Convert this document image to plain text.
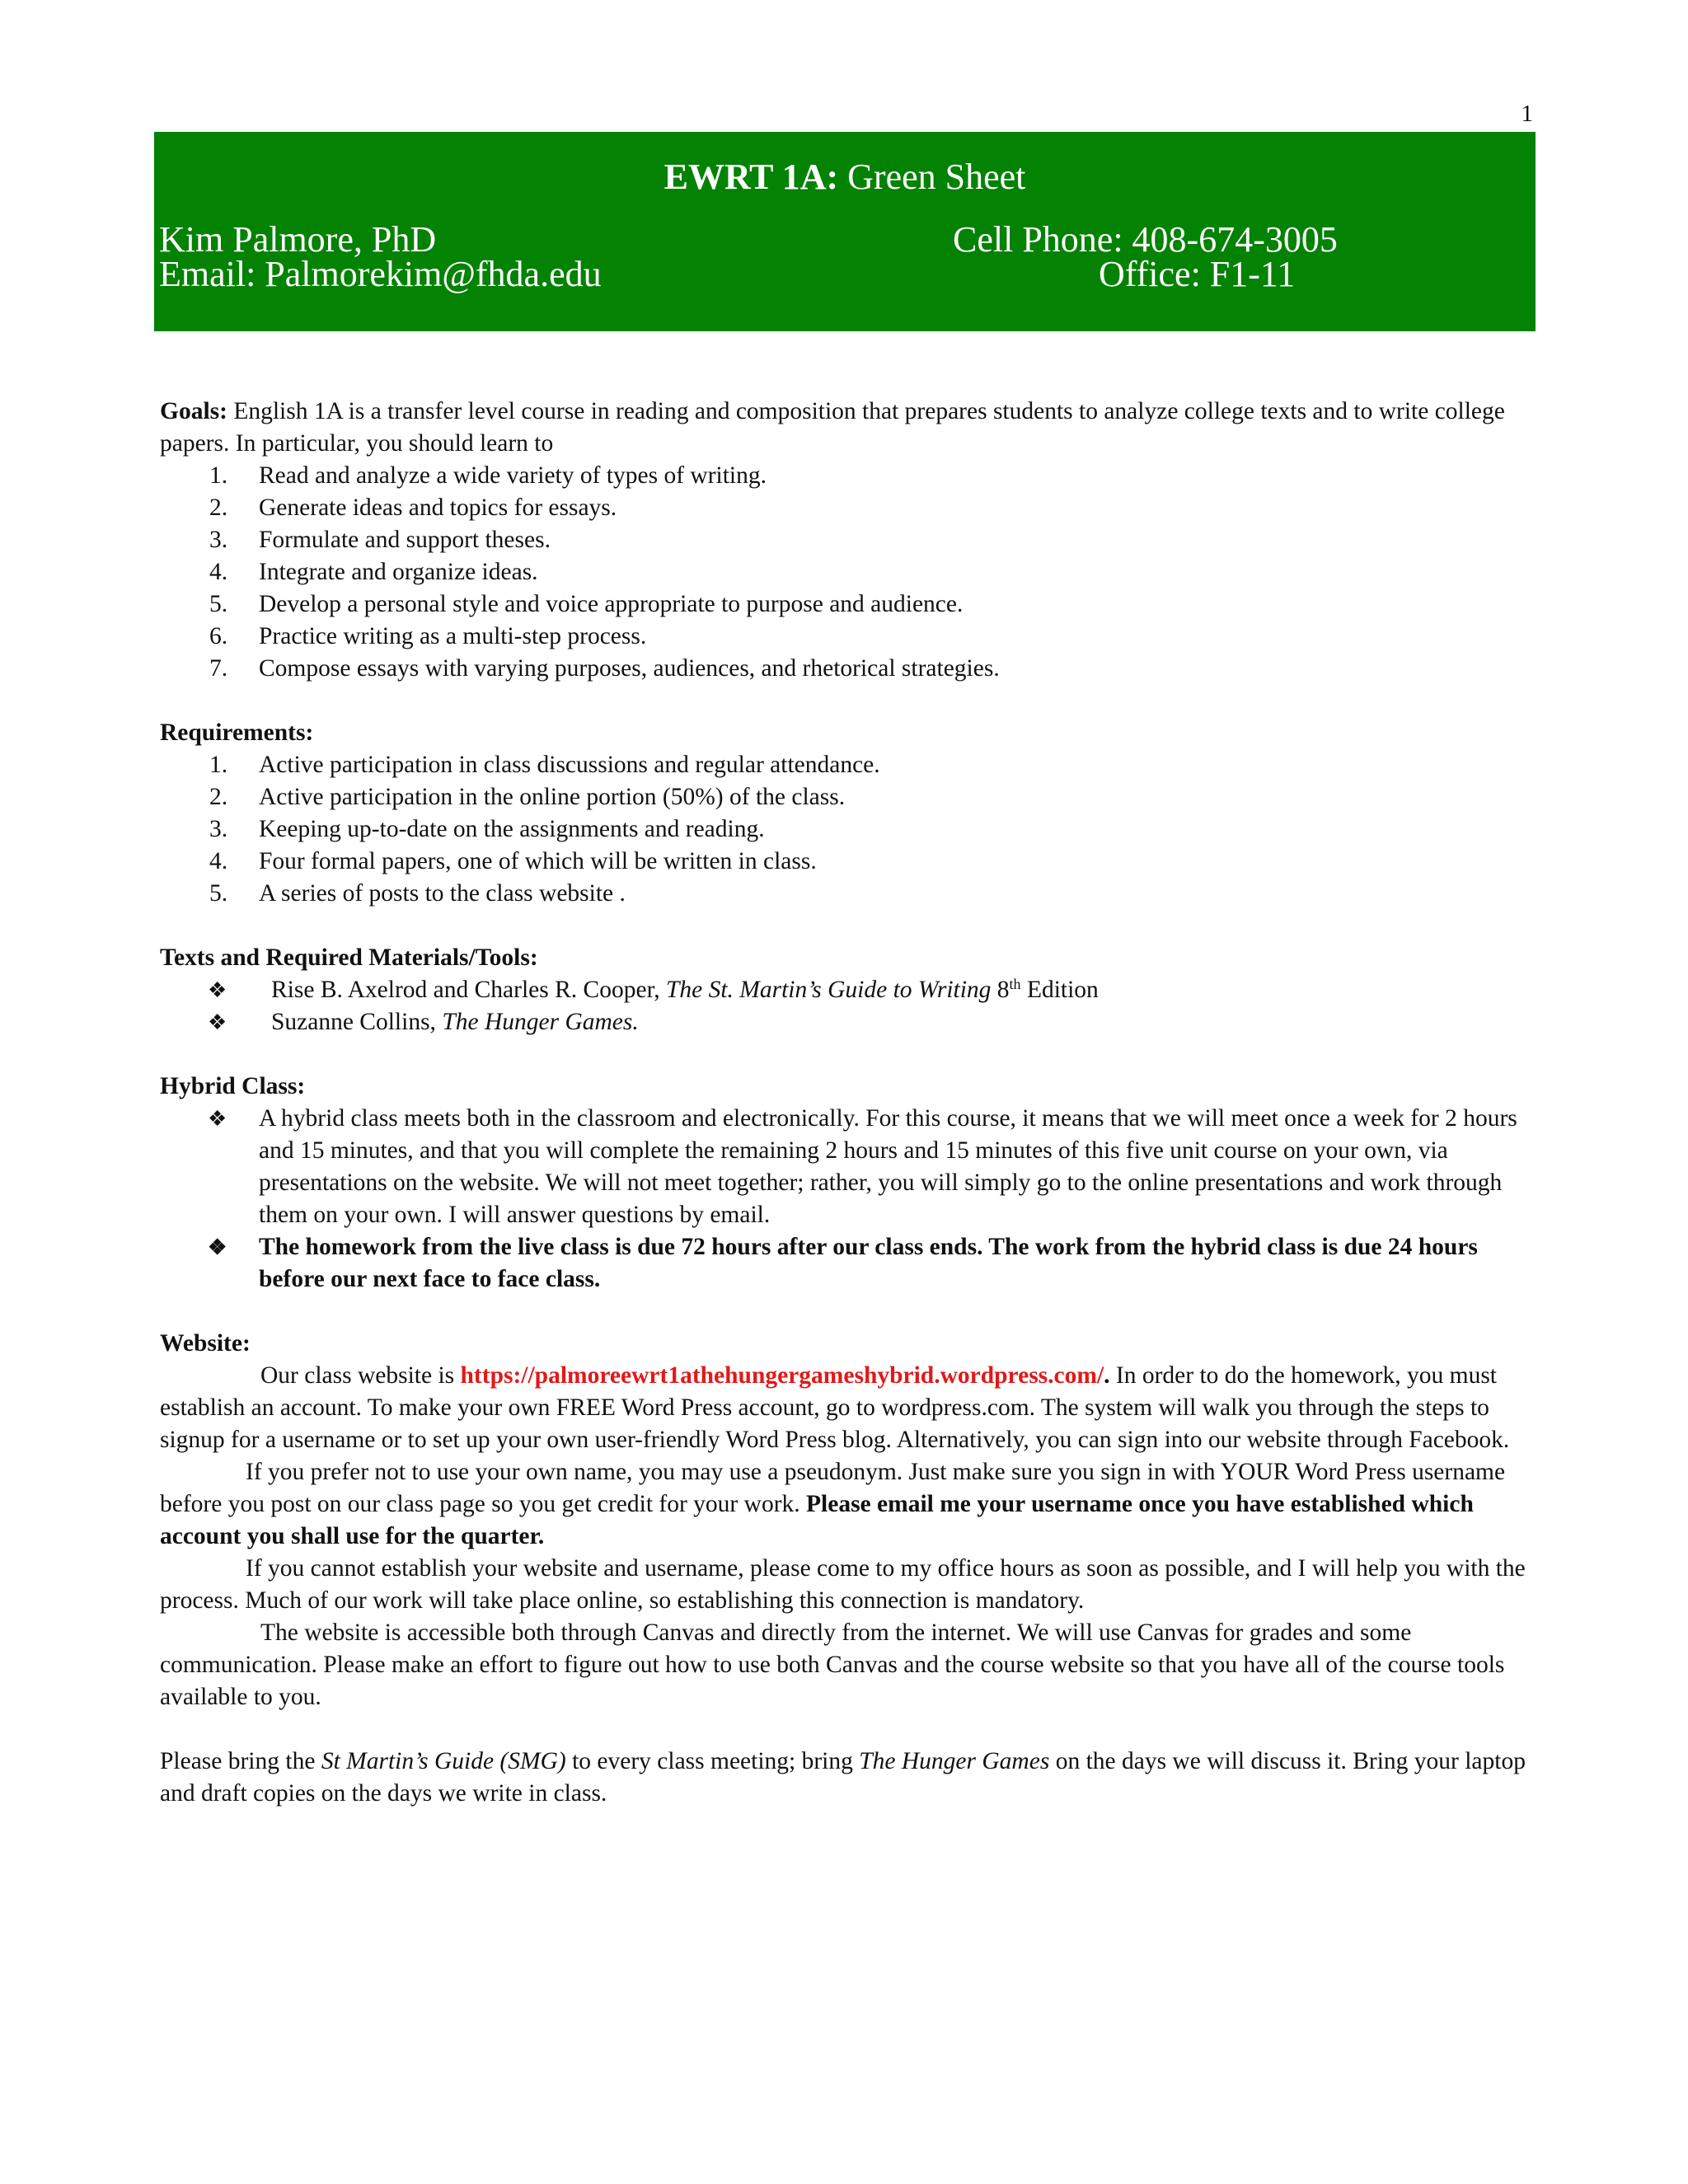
1
EWRT 1A: Green Sheet
Kim Palmore, PhD
Email: Palmorekim@fhda.edu
Cell Phone: 408-674-3005
Office: F1-11

Goals: English 1A is a transfer level course in reading and composition that prepares students to analyze college texts and to write college papers. In particular, you should learn to

1. Read and analyze a wide variety of types of writing.
2. Generate ideas and topics for essays.
3. Formulate and support theses.
4. Integrate and organize ideas.
5. Develop a personal style and voice appropriate to purpose and audience.
6. Practice writing as a multi-step process.
7. Compose essays with varying purposes, audiences, and rhetorical strategies.

Requirements:

1. Active participation in class discussions and regular attendance.
2. Active participation in the online portion (50%) of the class.
3. Keeping up-to-date on the assignments and reading.
4. Four formal papers, one of which will be written in class.
5. A series of posts to the class website .

Texts and Required Materials/Tools:

❖ Rise B. Axelrod and Charles R. Cooper, The St. Martin’s Guide to Writing 8th Edition
❖ Suzanne Collins, The Hunger Games.

Hybrid Class:

❖ A hybrid class meets both in the classroom and electronically. For this course, it means that we will meet once a week for 2 hours and 15 minutes, and that you will complete the remaining 2 hours and 15 minutes of this five unit course on your own, via presentations on the website. We will not meet together; rather, you will simply go to the online presentations and work through them on your own. I will answer questions by email.
❖ The homework from the live class is due 72 hours after our class ends. The work from the hybrid class is due 24 hours before our next face to face class.

Website:

Our class website is https://palmoreewrt1athehungergameshybrid.wordpress.com/. In order to do the homework, you must establish an account. To make your own FREE Word Press account, go to wordpress.com. The system will walk you through the steps to signup for a username or to set up your own user-friendly Word Press blog. Alternatively, you can sign into our website through Facebook.

If you prefer not to use your own name, you may use a pseudonym. Just make sure you sign in with YOUR Word Press username before you post on our class page so you get credit for your work. Please email me your username once you have established which account you shall use for the quarter.

If you cannot establish your website and username, please come to my office hours as soon as possible, and I will help you with the process. Much of our work will take place online, so establishing this connection is mandatory.

The website is accessible both through Canvas and directly from the internet. We will use Canvas for grades and some communication. Please make an effort to figure out how to use both Canvas and the course website so that you have all of the course tools available to you.

Please bring the St Martin’s Guide (SMG) to every class meeting; bring The Hunger Games on the days we will discuss it. Bring your laptop and draft copies on the days we write in class.
